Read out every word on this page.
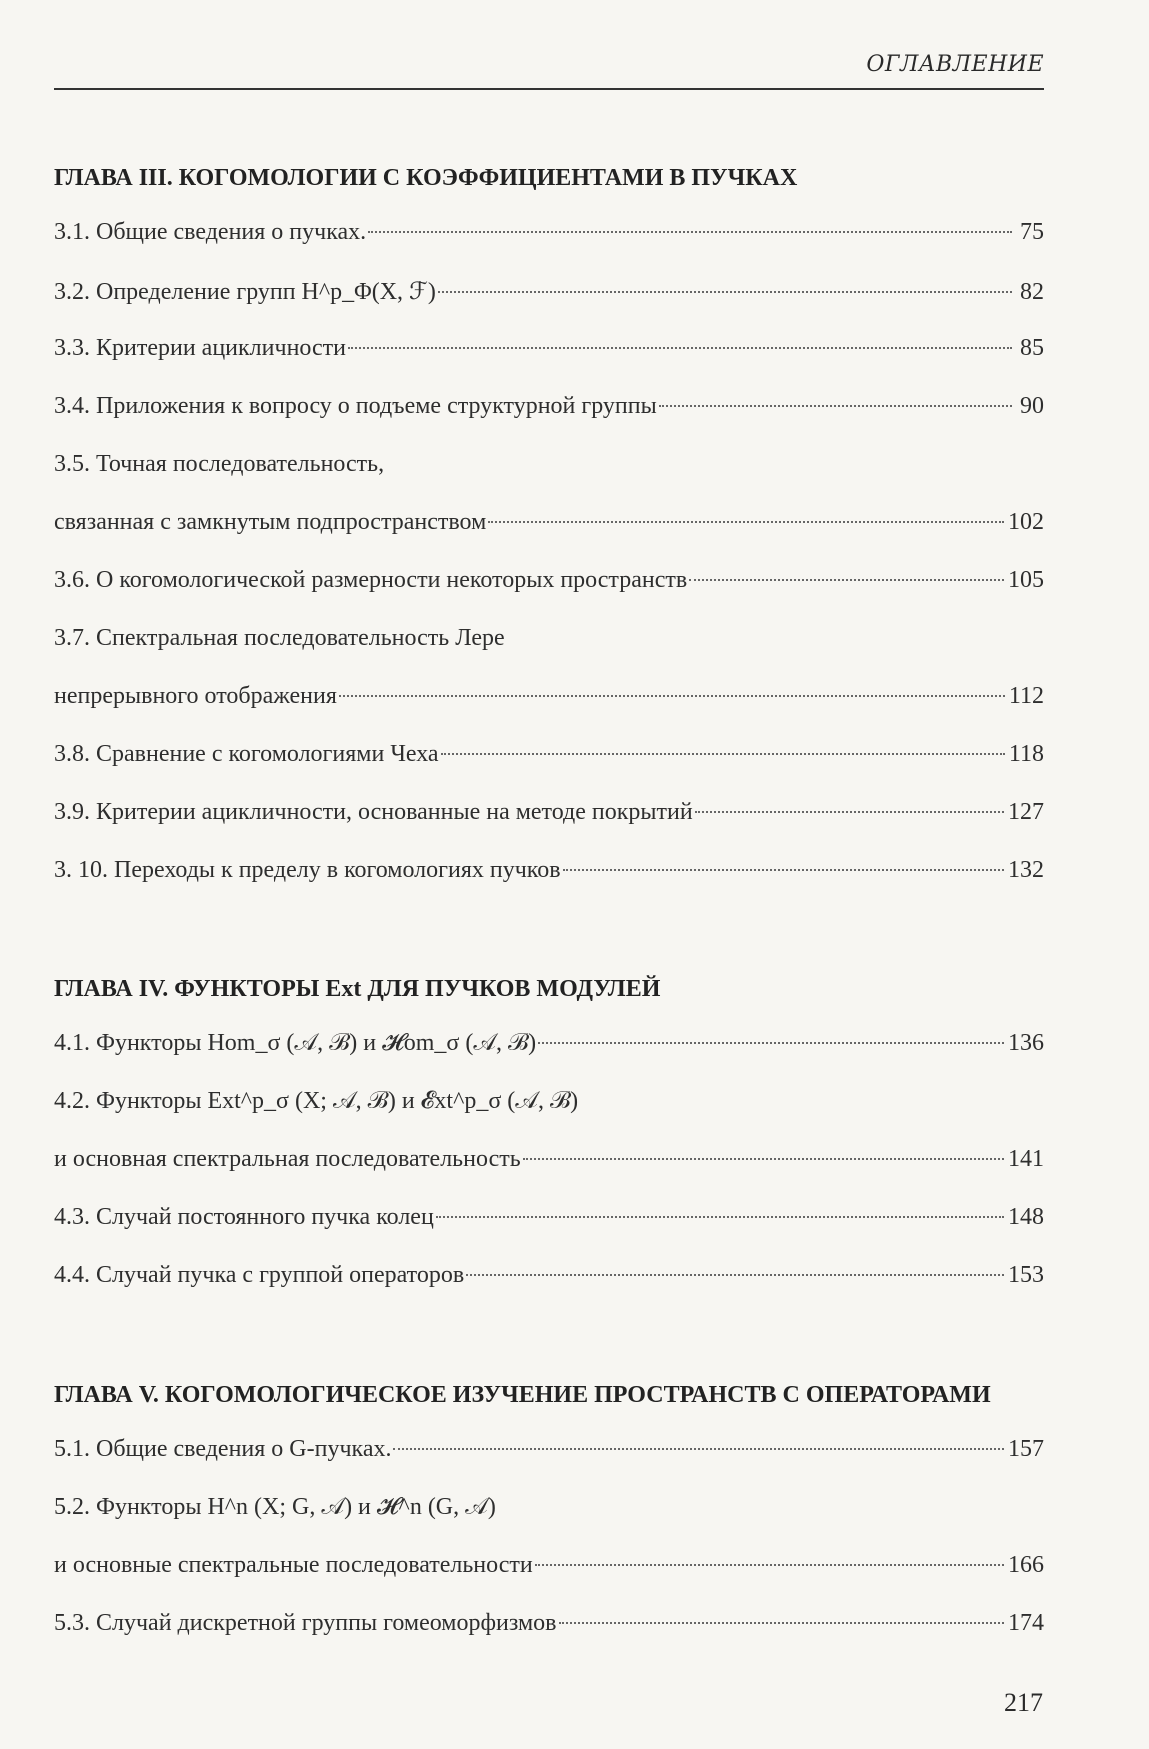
ОГЛАВЛЕНИЕ
ГЛАВА III. КОГОМОЛОГИИ С КОЭФФИЦИЕНТАМИ В ПУЧКАХ
3.1. Общие сведения о пучках.	75
3.2. Определение групп H^p_Φ(X, ℱ)	82
3.3. Критерии ацикличности	85
3.4. Приложения к вопросу о подъеме структурной группы	90
3.5. Точная последовательность,
связанная с замкнутым подпространством	102
3.6. О когомологической размерности некоторых пространств	105
3.7. Спектральная последовательность Лере
непрерывного отображения	112
3.8. Сравнение с когомологиями Чеха	118
3.9. Критерии ацикличности, основанные на методе покрытий	127
3. 10. Переходы к пределу в когомологиях пучков	132
ГЛАВА IV. ФУНКТОРЫ Ext ДЛЯ ПУЧКОВ МОДУЛЕЙ
4.1. Функторы Hom_σ (𝒜, ℬ) и 𝓗om_σ (𝒜, ℬ)	136
4.2. Функторы Ext^p_σ (X; 𝒜, ℬ) и 𝓔xt^p_σ (𝒜, ℬ)
и основная спектральная последовательность	141
4.3. Случай постоянного пучка колец	148
4.4. Случай пучка с группой операторов	153
ГЛАВА V. КОГОМОЛОГИЧЕСКОЕ ИЗУЧЕНИЕ ПРОСТРАНСТВ С ОПЕРАТОРАМИ
5.1. Общие сведения о G-пучках.	157
5.2. Функторы H^n (X; G, 𝒜) и 𝓗^n (G, 𝒜)
и основные спектральные последовательности	166
5.3. Случай дискретной группы гомеоморфизмов	174
217
